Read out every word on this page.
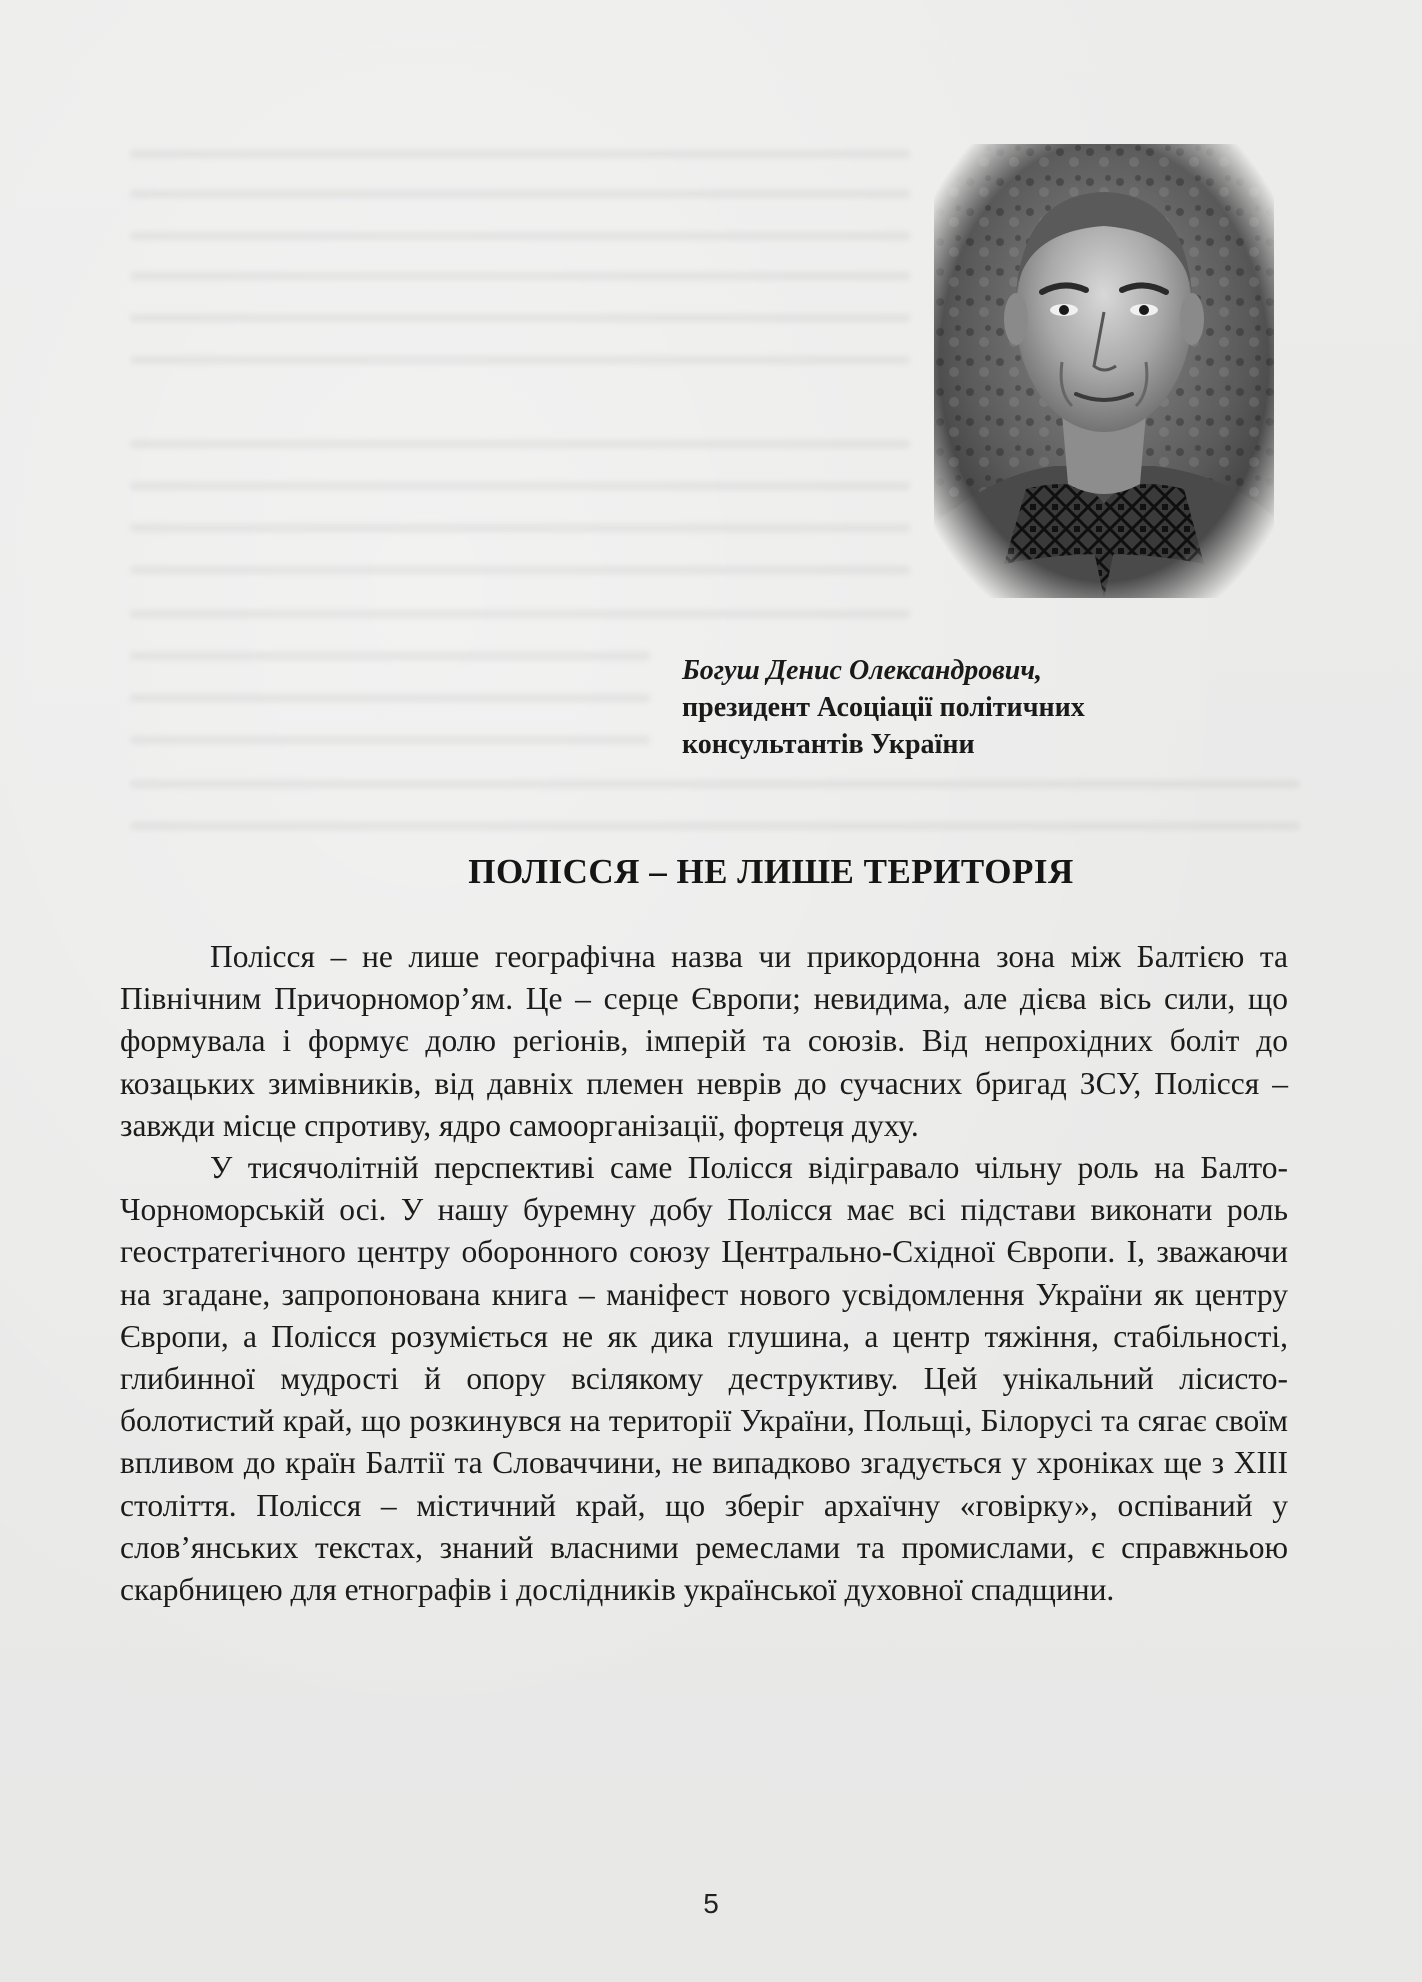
Богуш Денис Олександрович,
президент Асоціації політичних
консультантів України
ПОЛІССЯ – НЕ ЛИШЕ ТЕРИТОРІЯ

Полісся – не лише географічна назва чи прикордонна зона між Балтією та Північним Причорномор’ям. Це – серце Європи; невидима, але дієва вісь сили, що формувала і формує долю регіонів, імперій та союзів. Від непрохідних боліт до козацьких зимівників, від давніх племен неврів до сучасних бригад ЗСУ, Полісся – завжди місце спротиву, ядро самоорганізації, фортеця духу.

У тисячолітній перспективі саме Полісся відігравало чільну роль на Балто-Чорноморській осі. У нашу буремну добу Полісся має всі підстави виконати роль геостратегічного центру оборонного союзу Центрально-Східної Європи. І, зважаючи на згадане, запропонована книга – маніфест нового усвідомлення України як центру Європи, а Полісся розуміється не як дика глушина, а центр тяжіння, стабільності, глибинної мудрості й опору всілякому деструктиву. Цей унікальний лісисто-болотистий край, що розкинувся на території України, Польщі, Білорусі та сягає своїм впливом до країн Балтії та Словаччини, не випадково згадується у хроніках ще з XIII століття. Полісся – містичний край, що зберіг архаїчну «говірку», оспіваний у слов’янських текстах, знаний власними ремеслами та промислами, є справжньою скарбницею для етнографів і дослідників української духовної спадщини.

5
